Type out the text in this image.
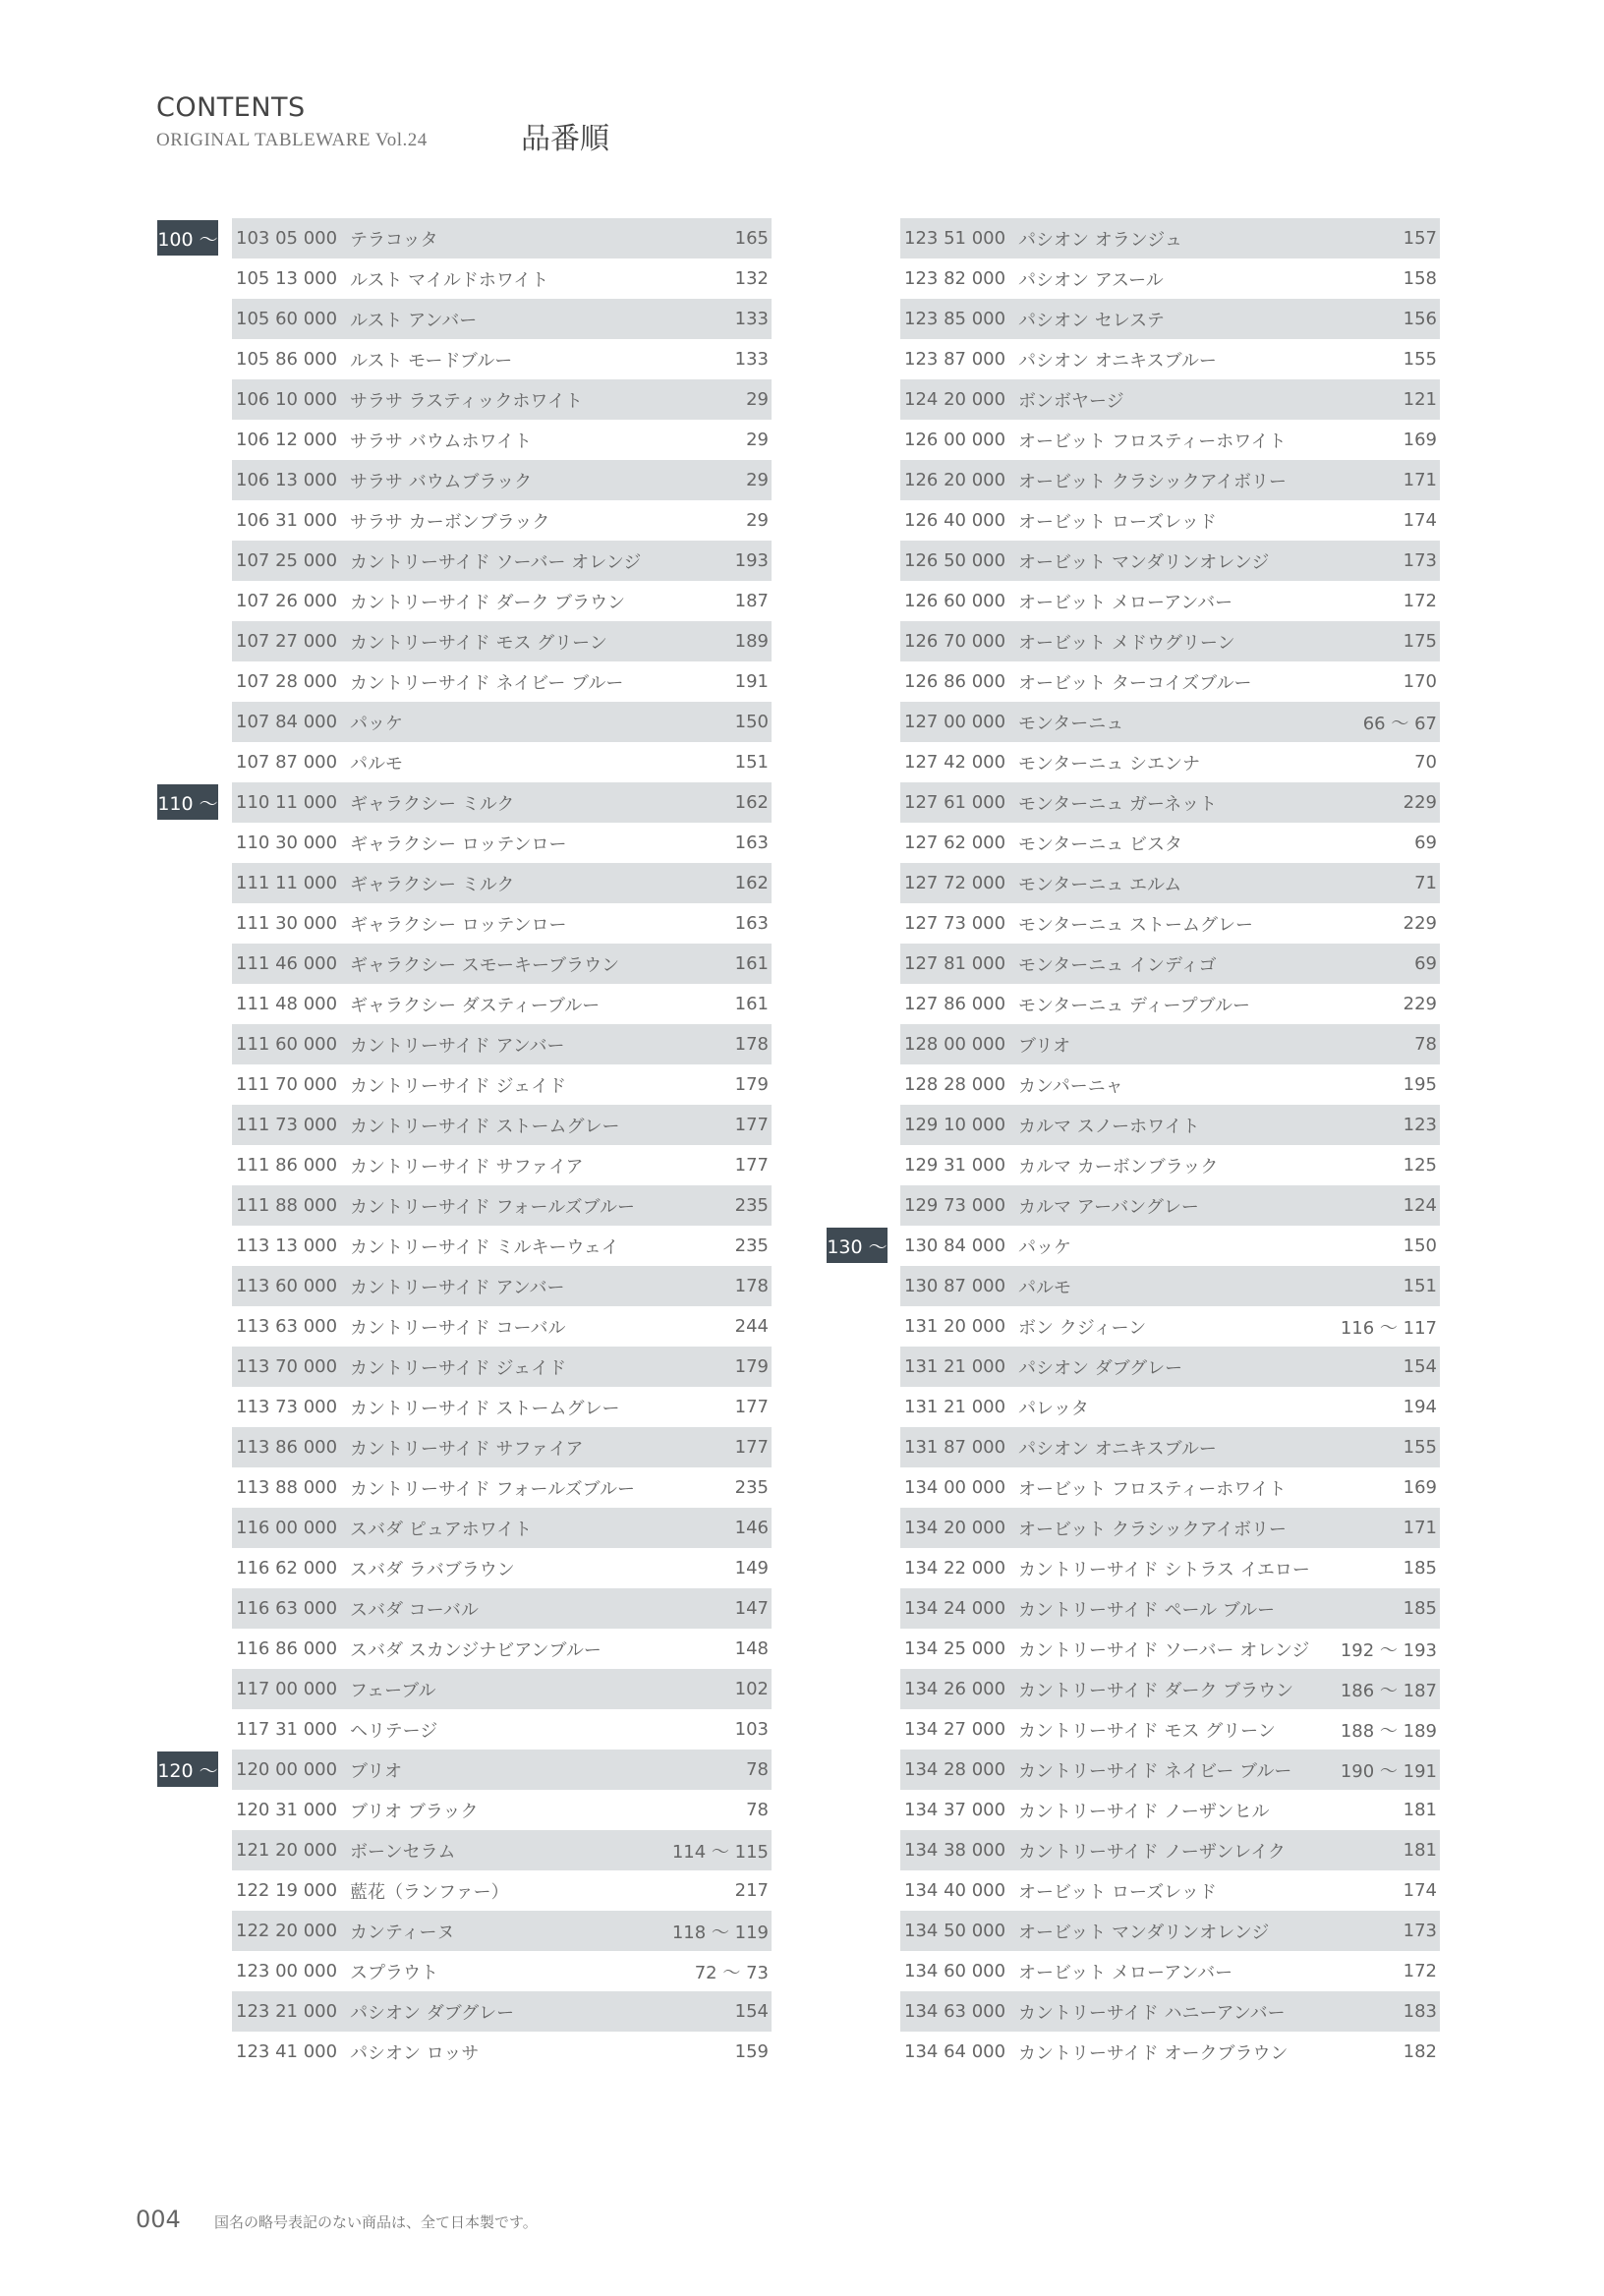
CONTENTS
ORIGINAL TABLEWARE Vol.24	品番順
103 05 000 テラコッタ	165
105 13 000 ルスト マイルドホワイト	132
105 60 000 ルスト アンバー	133
105 86 000 ルスト モードブルー	133
106 10 000 サラサ ラスティックホワイト	29
106 12 000 サラサ バウムホワイト	29
106 13 000 サラサ バウムブラック	29
106 31 000 サラサ カーボンブラック	29
107 25 000 カントリーサイド ソーバー オレンジ	193
107 26 000 カントリーサイド ダーク ブラウン	187
107 27 000 カントリーサイド モス グリーン	189
107 28 000 カントリーサイド ネイビー ブルー	191
107 84 000 パッケ	150
107 87 000 パルモ	151
110 11 000 ギャラクシー ミルク	162
110 30 000 ギャラクシー ロッテンロー	163
111 11 000 ギャラクシー ミルク	162
111 30 000 ギャラクシー ロッテンロー	163
111 46 000 ギャラクシー スモーキーブラウン	161
111 48 000 ギャラクシー ダスティーブルー	161
111 60 000 カントリーサイド アンバー	178
111 70 000 カントリーサイド ジェイド	179
111 73 000 カントリーサイド ストームグレー	177
111 86 000 カントリーサイド サファイア	177
111 88 000 カントリーサイド フォールズブルー	235
113 13 000 カントリーサイド ミルキーウェイ	235
113 60 000 カントリーサイド アンバー	178
113 63 000 カントリーサイド コーバル	244
113 70 000 カントリーサイド ジェイド	179
113 73 000 カントリーサイド ストームグレー	177
113 86 000 カントリーサイド サファイア	177
113 88 000 カントリーサイド フォールズブルー	235
116 00 000 スバダ ピュアホワイト	146
116 62 000 スバダ ラバブラウン	149
116 63 000 スバダ コーバル	147
116 86 000 スバダ スカンジナビアンブルー	148
117 00 000 フェーブル	102
117 31 000 ヘリテージ	103
120 00 000 ブリオ	78
120 31 000 ブリオ ブラック	78
121 20 000 ボーンセラム	114 ～ 115
122 19 000 藍花（ランファー）	217
122 20 000 カンティーヌ	118 ～ 119
123 00 000 スプラウト	72 ～ 73
123 21 000 パシオン ダブグレー	154
123 41 000 パシオン ロッサ	159
123 51 000 パシオン オランジュ	157
123 82 000 パシオン アスール	158
123 85 000 パシオン セレステ	156
123 87 000 パシオン オニキスブルー	155
124 20 000 ボンボヤージ	121
126 00 000 オービット フロスティーホワイト	169
126 20 000 オービット クラシックアイボリー	171
126 40 000 オービット ローズレッド	174
126 50 000 オービット マンダリンオレンジ	173
126 60 000 オービット メローアンバー	172
126 70 000 オービット メドウグリーン	175
126 86 000 オービット ターコイズブルー	170
127 00 000 モンターニュ	66 ～ 67
127 42 000 モンターニュ シエンナ	70
127 61 000 モンターニュ ガーネット	229
127 62 000 モンターニュ ビスタ	69
127 72 000 モンターニュ エルム	71
127 73 000 モンターニュ ストームグレー	229
127 81 000 モンターニュ インディゴ	69
127 86 000 モンターニュ ディープブルー	229
128 00 000 ブリオ	78
128 28 000 カンパーニャ	195
129 10 000 カルマ スノーホワイト	123
129 31 000 カルマ カーボンブラック	125
129 73 000 カルマ アーバングレー	124
130 84 000 パッケ	150
130 87 000 パルモ	151
131 20 000 ボン クジィーン	116 ～ 117
131 21 000 パシオン ダブグレー	154
131 21 000 パレッタ	194
131 87 000 パシオン オニキスブルー	155
134 00 000 オービット フロスティーホワイト	169
134 20 000 オービット クラシックアイボリー	171
134 22 000 カントリーサイド シトラス イエロー	185
134 24 000 カントリーサイド ペール ブルー	185
134 25 000 カントリーサイド ソーバー オレンジ	192 ～ 193
134 26 000 カントリーサイド ダーク ブラウン	186 ～ 187
134 27 000 カントリーサイド モス グリーン	188 ～ 189
134 28 000 カントリーサイド ネイビー ブルー	190 ～ 191
134 37 000 カントリーサイド ノーザンヒル	181
134 38 000 カントリーサイド ノーザンレイク	181
134 40 000 オービット ローズレッド	174
134 50 000 オービット マンダリンオレンジ	173
134 60 000 オービット メローアンバー	172
134 63 000 カントリーサイド ハニーアンバー	183
134 64 000 カントリーサイド オークブラウン	182
100 ～
110 ～
120 ～
130 ～
004 国名の略号表記のない商品は、全て日本製です。
